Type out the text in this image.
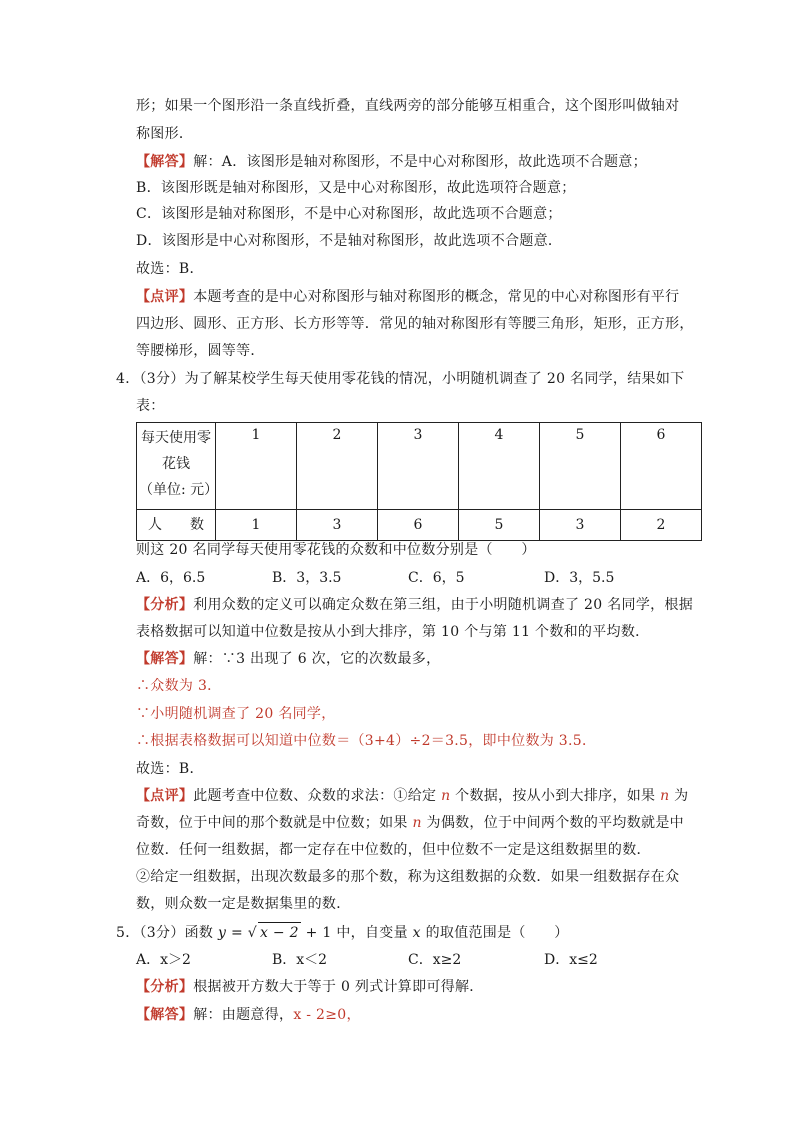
形；如果一个图形沿一条直线折叠，直线两旁的部分能够互相重合，这个图形叫做轴对
称图形．
【解答】解：A．该图形是轴对称图形，不是中心对称图形，故此选项不合题意；
B．该图形既是轴对称图形，又是中心对称图形，故此选项符合题意；
C．该图形是轴对称图形，不是中心对称图形，故此选项不合题意；
D．该图形是中心对称图形，不是轴对称图形，故此选项不合题意．
故选：B．
【点评】本题考查的是中心对称图形与轴对称图形的概念，常见的中心对称图形有平行
四边形、圆形、正方形、长方形等等．常见的轴对称图形有等腰三角形，矩形，正方形，
等腰梯形，圆等等．
4．（3分）为了解某校学生每天使用零花钱的情况，小明随机调查了 20 名同学，结果如下
表：
每天使用零
花钱
（单位: 元）	1	2	3	4	5	6
人　　数	1	3	6	5	3	2
则这 20 名同学每天使用零花钱的众数和中位数分别是（　　）
A．6，6.5	B．3，3.5	C．6，5	D．3，5.5
【分析】利用众数的定义可以确定众数在第三组，由于小明随机调查了 20 名同学，根据
表格数据可以知道中位数是按从小到大排序，第 10 个与第 11 个数和的平均数．
【解答】解：∵3 出现了 6 次，它的次数最多，
∴众数为 3．
∵小明随机调查了 20 名同学，
∴根据表格数据可以知道中位数＝（3+4）÷2＝3.5，即中位数为 3.5．
故选：B．
【点评】此题考查中位数、众数的求法：①给定 n 个数据，按从小到大排序，如果 n 为
奇数，位于中间的那个数就是中位数；如果 n 为偶数，位于中间两个数的平均数就是中
位数．任何一组数据，都一定存在中位数的，但中位数不一定是这组数据里的数．
②给定一组数据，出现次数最多的那个数，称为这组数据的众数．如果一组数据存在众
数，则众数一定是数据集里的数．
5．（3分）函数 y = √ x − 2 + 1 中，自变量 x 的取值范围是（　　）
A．x＞2	B．x＜2	C．x≥2	D．x≤2
【分析】根据被开方数大于等于 0 列式计算即可得解．
【解答】解：由题意得，x - 2≥0，
